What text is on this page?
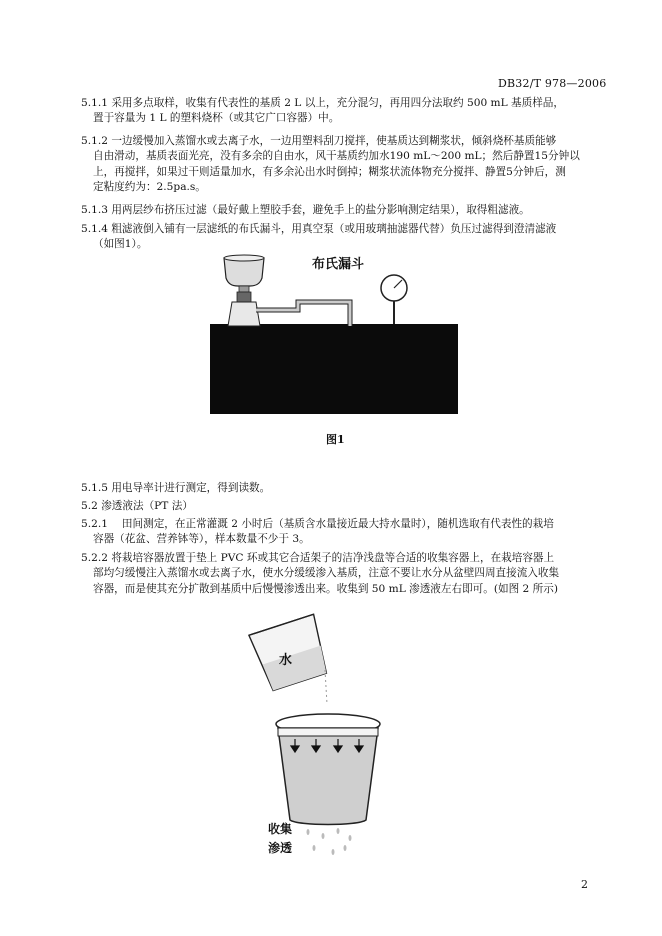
DB32/T 978—2006
5.1.1 采用多点取样，收集有代表性的基质 2 L 以上，充分混匀，再用四分法取约 500 mL 基质样品，
置于容量为 1 L 的塑料烧杯（或其它广口容器）中。
5.1.2 一边缓慢加入蒸馏水或去离子水，一边用塑料刮刀搅拌，使基质达到糊浆状，倾斜烧杯基质能够
自由滑动，基质表面光亮，没有多余的自由水，风干基质约加水190 mL～200 mL；然后静置15分钟以
上，再搅拌，如果过干则适量加水，有多余沁出水时倒掉；糊浆状流体物充分搅拌、静置5分钟后，测
定粘度约为：2.5pa.s。
5.1.3 用两层纱布挤压过滤（最好戴上塑胶手套，避免手上的盐分影响测定结果），取得粗滤液。
5.1.4 粗滤液倒入铺有一层滤纸的布氏漏斗，用真空泵（或用玻璃抽滤器代替）负压过滤得到澄清滤液
（如图1）。
布氏漏斗
图1
5.1.5 用电导率计进行测定，得到读数。
5.2 渗透液法（PT 法）
5.2.1 　田间测定，在正常灌溉 2 小时后（基质含水量接近最大持水量时），随机选取有代表性的栽培
容器（花盆、营养钵等），样本数量不少于 3。
5.2.2 将栽培容器放置于垫上 PVC 环或其它合适架子的洁净浅盘等合适的收集容器上，在栽培容器上
部均匀缓慢注入蒸馏水或去离子水，使水分缓缓渗入基质，注意不要让水分从盆壁四周直接流入收集
容器，而是使其充分扩散到基质中后慢慢渗透出来。收集到 50 mL 渗透液左右即可。(如图 2 所示)
水
收集
渗透
2
